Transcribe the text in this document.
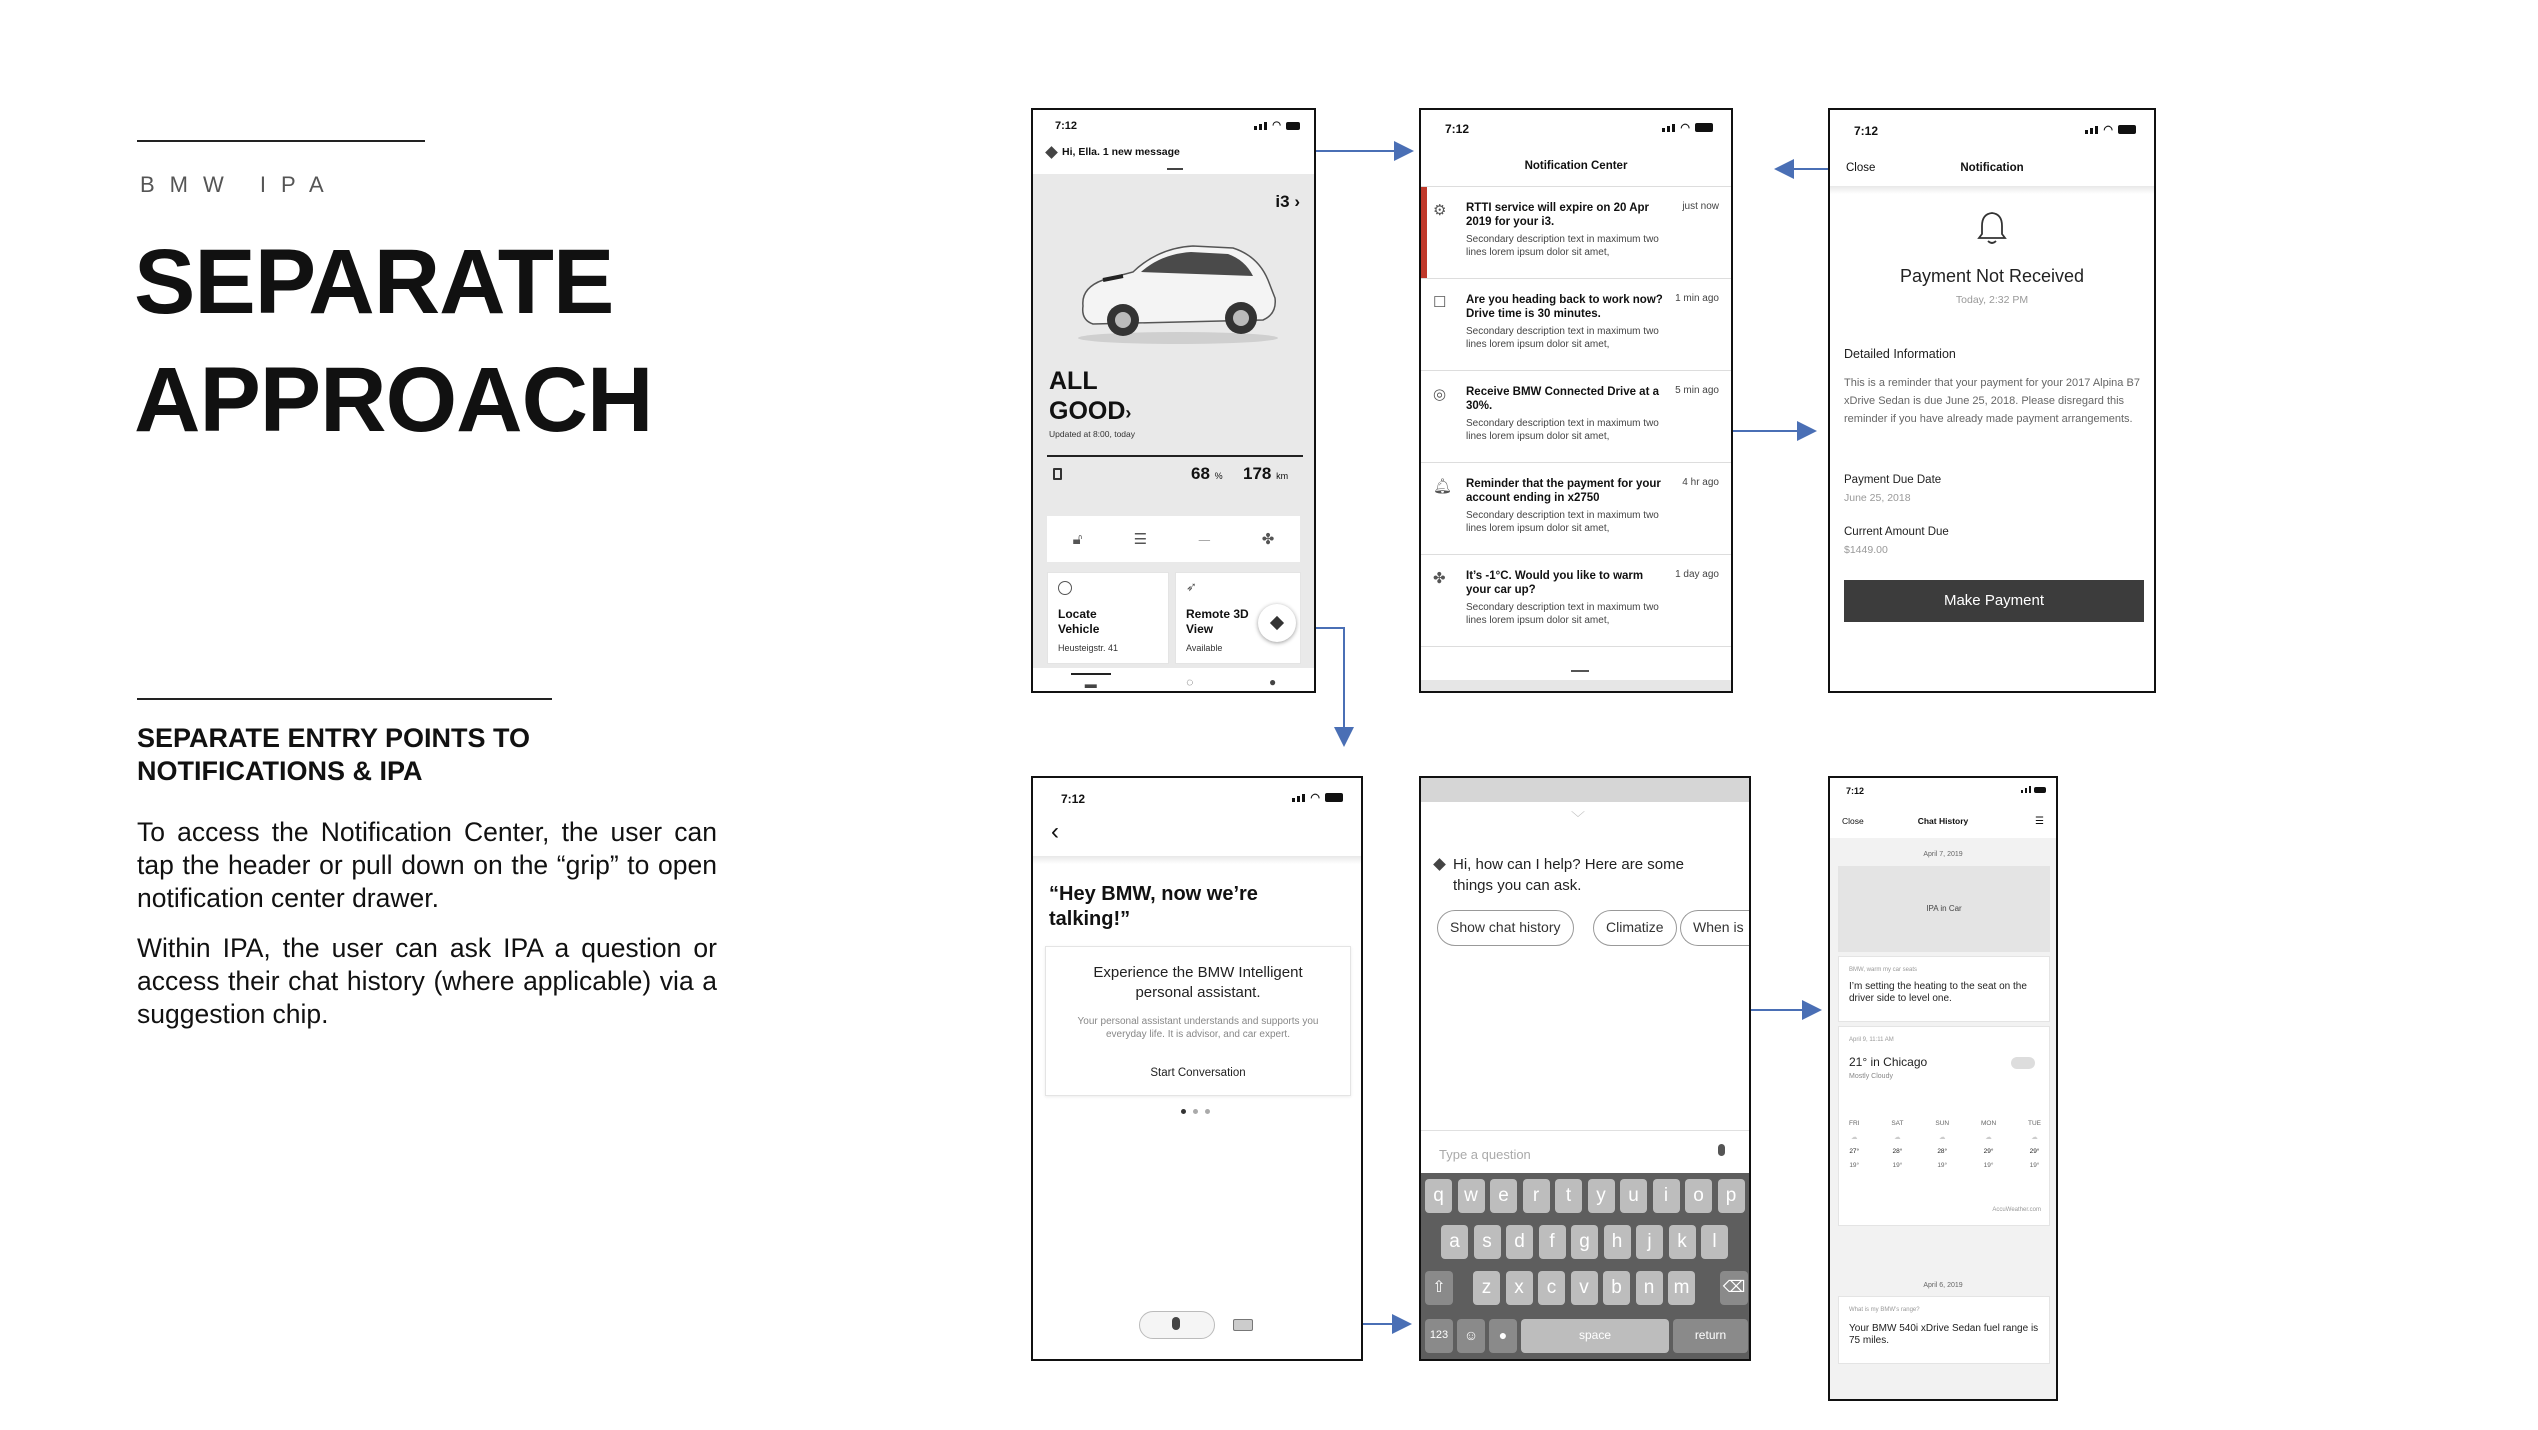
BMW IPA
SEPARATE
APPROACH
SEPARATE ENTRY POINTS TO NOTIFICATIONS & IPA
To access the Notification Center, the user can tap the header or pull down on the “grip” to open notification center drawer.
Within IPA, the user can ask IPA a question or access their chat history (where applicable) via a suggestion chip.
7:12	◠
Hi, Ella. 1 new message
i3 ›
ALL
GOOD›
Updated at 8:00, today
68 % 178 km
🔓︎	☰	⏤	✤
Locate Vehicle
Heusteigstr. 41
➶
Remote 3D View
Available
▬	◌	●
7:12	◠
Notification Center
⚙	RTTI service will expire on 20 Apr 2019 for your i3.
just now
Secondary description text in maximum two lines lorem ipsum dolor sit amet,
☐	Are you heading back to work now? Drive time is 30 minutes.
1 min ago
Secondary description text in maximum two lines lorem ipsum dolor sit amet,
◎	Receive BMW Connected Drive at a 30%.
5 min ago
Secondary description text in maximum two lines lorem ipsum dolor sit amet,
🔔︎ Reminder that the payment for your account ending in x2750
4 hr ago
Secondary description text in maximum two lines lorem ipsum dolor sit amet,
✤	It’s -1°C. Would you like to warm your car up?
1 day ago
Secondary description text in maximum two lines lorem ipsum dolor sit amet,
7:12	◠
Close	Notification
Payment Not Received
Today, 2:32 PM
Detailed Information
This is a reminder that your payment for your 2017 Alpina B7 xDrive Sedan is due June 25, 2018. Please disregard this reminder if you have already made payment arrangements.
Payment Due Date
June 25, 2018
Current Amount Due
$1449.00
Make Payment
7:12	◠
‹
“Hey BMW, now we’re talking!”
Experience the BMW Intelligent personal assistant.
Your personal assistant understands and supports you everyday life. It is advisor, and car expert.
Start Conversation
﹀
Hi, how can I help? Here are some things you can ask.
Show chat history	Climatize	When is
Type a question
q	w	e	r	t	y	u	i	o	p
a	s	d	f	g	h	j	k	l
z	x	c	v	b	n	m
⇧	⌫
123	☺	●	space	return
7:12
Close	Chat History	☰
April 7, 2019
IPA in Car
BMW, warm my car seats
I’m setting the heating to the seat on the driver side to level one.
April 9, 11:11 AM
21° in Chicago
Mostly Cloudy
FRI
☁
27°
19°
SAT
☁
28°
19°
SUN
☁
28°
19°
MON
☁
29°
19°
TUE
☁
29°
19°
AccuWeather.com
April 6, 2019
What is my BMW’s range?
Your BMW 540i xDrive Sedan fuel range is 75 miles.
